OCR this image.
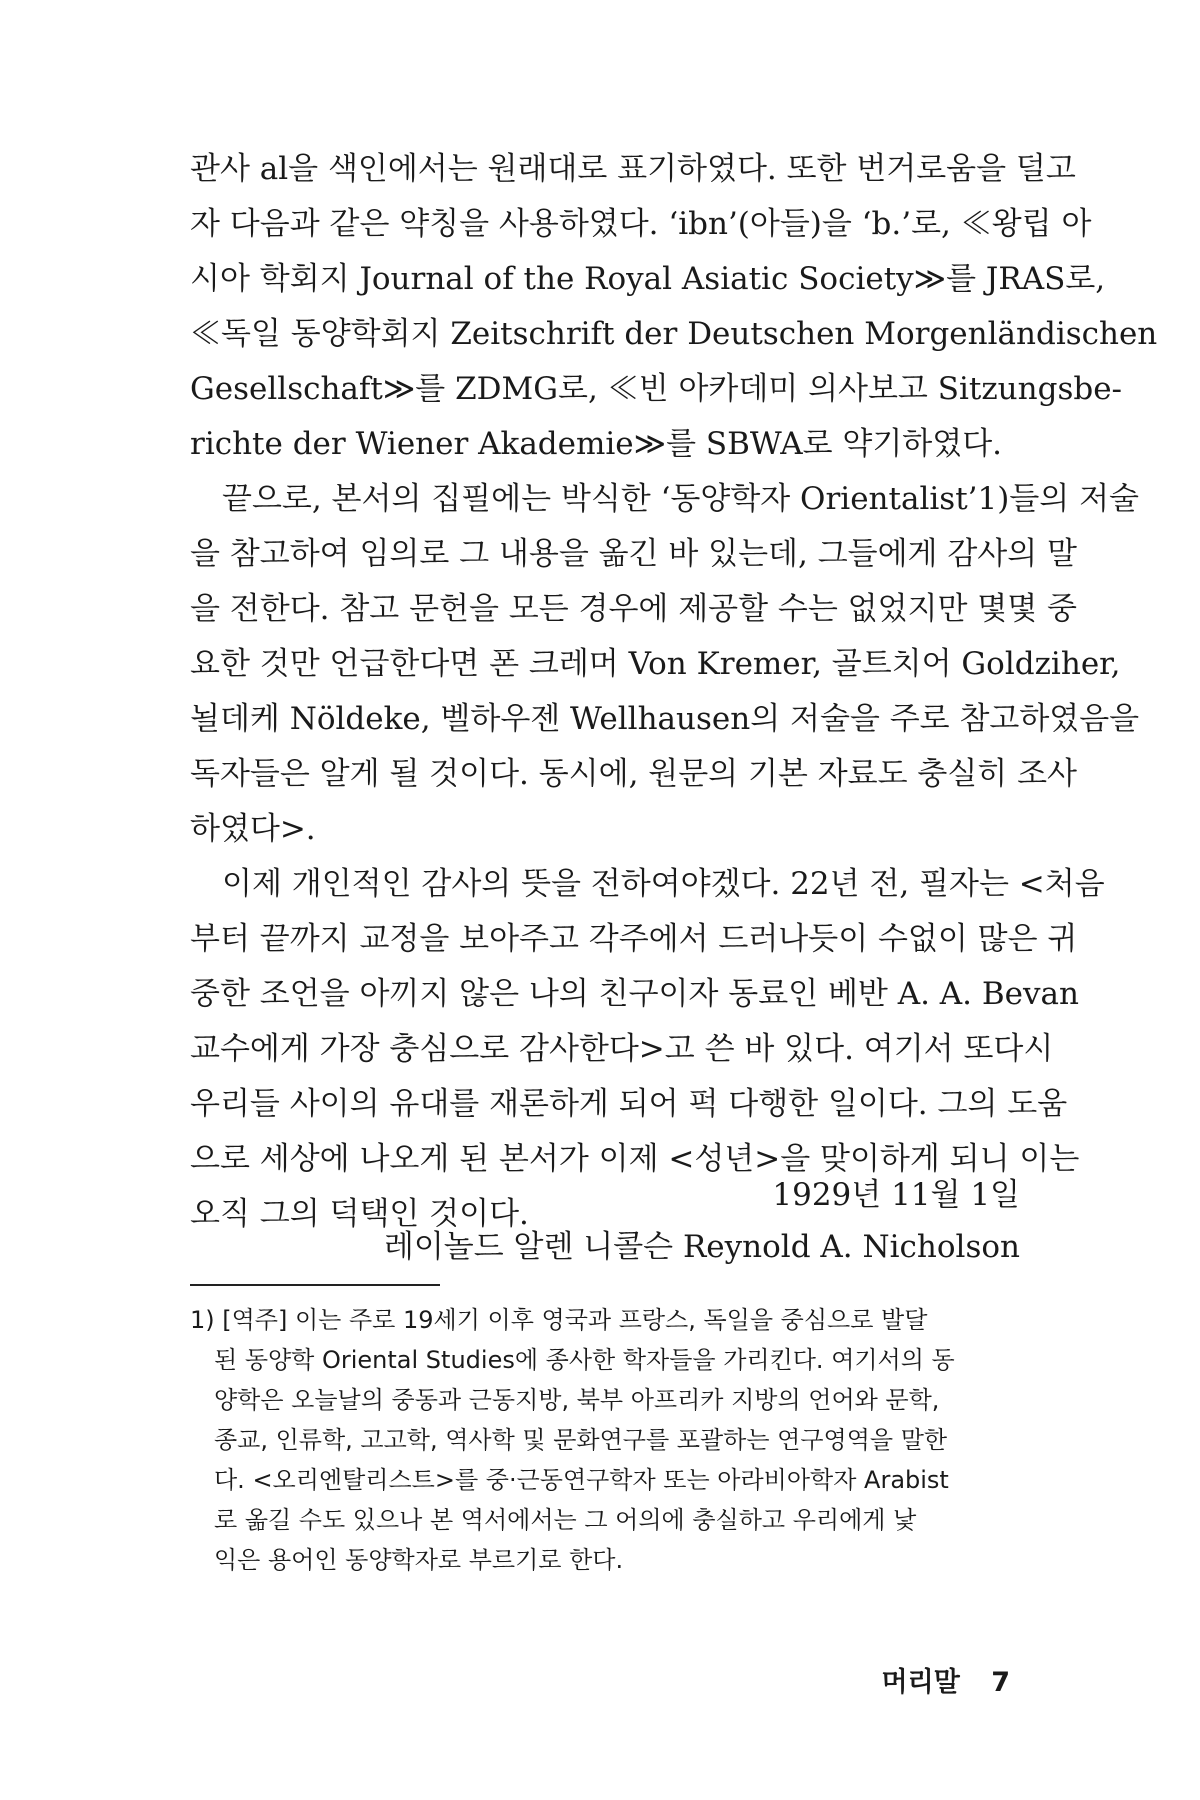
관사 al을 색인에서는 원래대로 표기하였다. 또한 번거로움을 덜고
자 다음과 같은 약칭을 사용하였다. ‘ibn’(아들)을 ‘b.’로, ≪왕립 아
시아 학회지 Journal of the Royal Asiatic Society≫를 JRAS로,
≪독일 동양학회지 Zeitschrift der Deutschen Morgenländischen
Gesellschaft≫를 ZDMG로, ≪빈 아카데미 의사보고 Sitzungsbe-
richte der Wiener Akademie≫를 SBWA로 약기하였다.
끝으로, 본서의 집필에는 박식한 ‘동양학자 Orientalist’1)들의 저술
을 참고하여 임의로 그 내용을 옮긴 바 있는데, 그들에게 감사의 말
을 전한다. 참고 문헌을 모든 경우에 제공할 수는 없었지만 몇몇 중
요한 것만 언급한다면 폰 크레머 Von Kremer, 골트치어 Goldziher,
뇔데케 Nöldeke, 벨하우젠 Wellhausen의 저술을 주로 참고하였음을
독자들은 알게 될 것이다. 동시에, 원문의 기본 자료도 충실히 조사
하였다>.
이제 개인적인 감사의 뜻을 전하여야겠다. 22년 전, 필자는 <처음
부터 끝까지 교정을 보아주고 각주에서 드러나듯이 수없이 많은 귀
중한 조언을 아끼지 않은 나의 친구이자 동료인 베반 A. A. Bevan
교수에게 가장 충심으로 감사한다>고 쓴 바 있다. 여기서 또다시
우리들 사이의 유대를 재론하게 되어 퍽 다행한 일이다. 그의 도움
으로 세상에 나오게 된 본서가 이제 <성년>을 맞이하게 되니 이는
오직 그의 덕택인 것이다.
1929년 11월 1일
레이놀드 알렌 니콜슨 Reynold A. Nicholson
1) [역주] 이는 주로 19세기 이후 영국과 프랑스, 독일을 중심으로 발달
된 동양학 Oriental Studies에 종사한 학자들을 가리킨다. 여기서의 동
양학은 오늘날의 중동과 근동지방, 북부 아프리카 지방의 언어와 문학,
종교, 인류학, 고고학, 역사학 및 문화연구를 포괄하는 연구영역을 말한
다. <오리엔탈리스트>를 중·근동연구학자 또는 아라비아학자 Arabist
로 옮길 수도 있으나 본 역서에서는 그 어의에 충실하고 우리에게 낯
익은 용어인 동양학자로 부르기로 한다.
머리말 7
